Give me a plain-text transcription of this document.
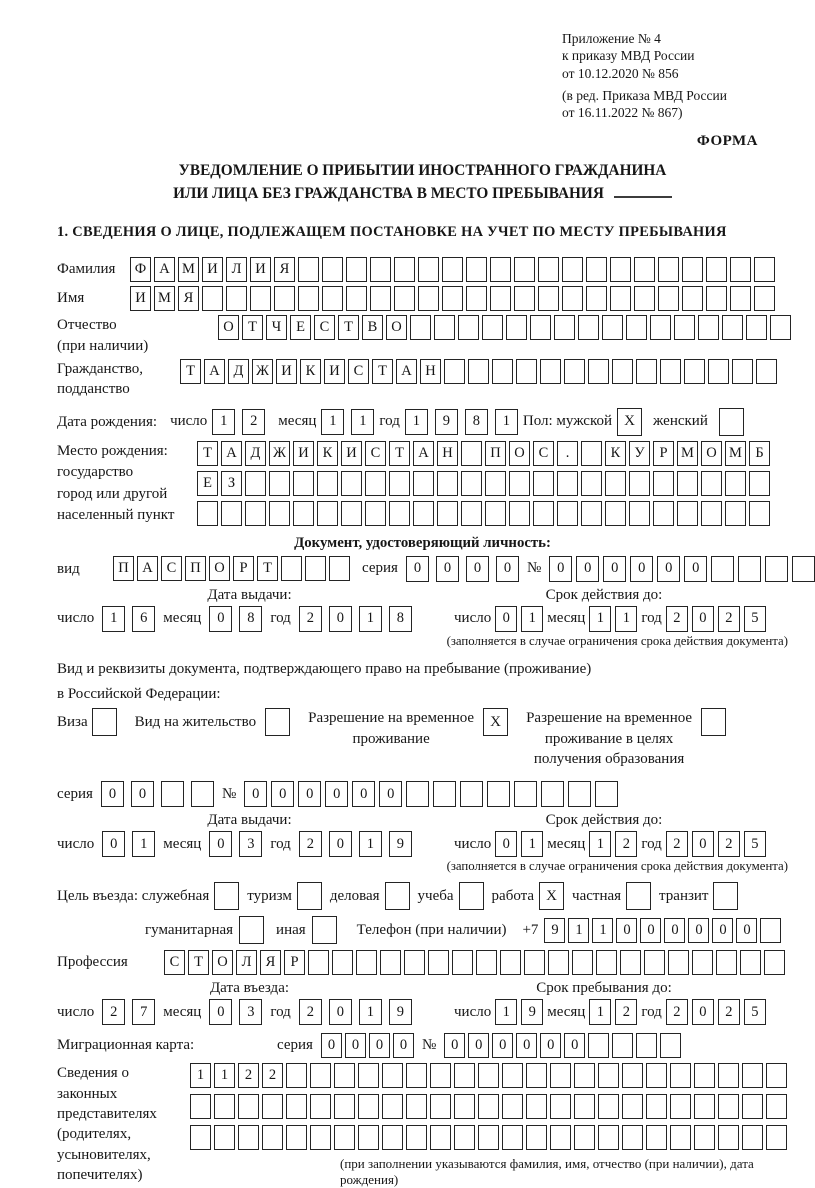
Приложение № 4
к приказу МВД России
от 10.12.2020 № 856
(в ред. Приказа МВД России
от 16.11.2022 № 867)
ФОРМА
УВЕДОМЛЕНИЕ О ПРИБЫТИИ ИНОСТРАННОГО ГРАЖДАНИНА
ИЛИ ЛИЦА БЕЗ ГРАЖДАНСТВА В МЕСТО ПРЕБЫВАНИЯ
1. СВЕДЕНИЯ О ЛИЦЕ, ПОДЛЕЖАЩЕМ ПОСТАНОВКЕ НА УЧЕТ ПО МЕСТУ ПРЕБЫВАНИЯ
Фамилия	Ф А М И Л И Я
Имя	И М Я
Отчество
(при наличии)
О Т	Ч	Е	С	Т	В О
Гражданство,
подданство
Т А Д Ж И К И С	Т А Н
Дата рождения: число 1	2	месяц 1	1 год 1	9	8	1 Пол: мужской X	женский
Место рождения:
государство
город или другой
населенный пункт
Т А Д Ж И К И С	Т А Н	П О С	.	К У	Р М О М Б
Е	З
Документ, удостоверяющий личность:
вид	П А С П О	Р	Т	серия	0	0	0	0	№	0	0	0	0	0	0
Дата выдачи:	Срок действия до:
число	1	6	месяц	0	8	год	2	0	1	8	число 0	1 месяц 1	1 год 2	0	2	5
(заполняется в случае ограничения срока действия документа)
Вид и реквизиты документа, подтверждающего право на пребывание (проживание)
в Российской Федерации:
Виза	Вид на жительство	Разрешение на временное
проживание
X	Разрешение на временное
проживание в целях
получения образования
серия	0	0	№	0	0	0	0	0	0
Дата выдачи:	Срок действия до:
число	0	1	месяц	0	3	год	2	0	1	9	число 0	1 месяц 1	2 год 2	0	2	5
(заполняется в случае ограничения срока действия документа)
Цель въезда: служебная	туризм	деловая	учеба	работа X	частная	транзит
гуманитарная	иная	Телефон (при наличии) +7 9	1	1	0	0	0	0	0	0
Профессия	С	Т О Л Я	Р
Дата въезда:	Срок пребывания до:
число	2	7	месяц	0	3	год	2	0	1	9	число 1	9 месяц 1	2 год 2	0	2	5
Миграционная карта:	серия	0	0	0	0 №	0	0	0	0	0	0
Сведения о
законных
представителях
(родителях,
усыновителях,
попечителях)
1	1	2	2
(при заполнении указываются фамилия, имя, отчество (при наличии), дата рождения)
